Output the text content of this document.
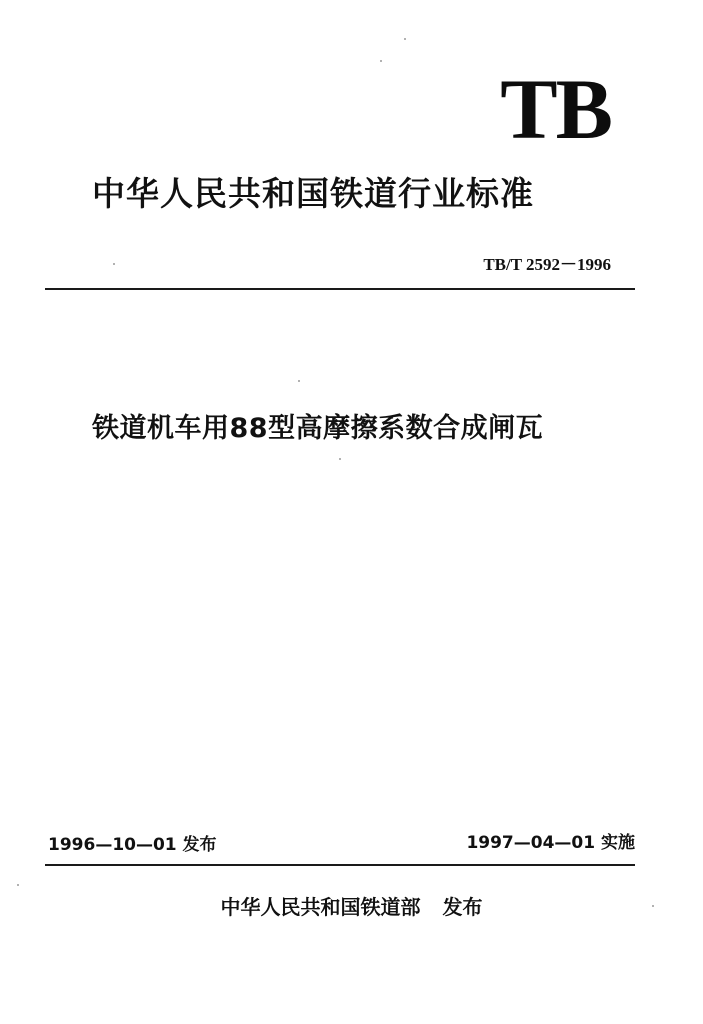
TB
中华人民共和国铁道行业标准
TB/T 2592－1996
铁道机车用88型高摩擦系数合成闸瓦
1996—10—01 发布	1997—04—01 实施
中华人民共和国铁道部 发布
